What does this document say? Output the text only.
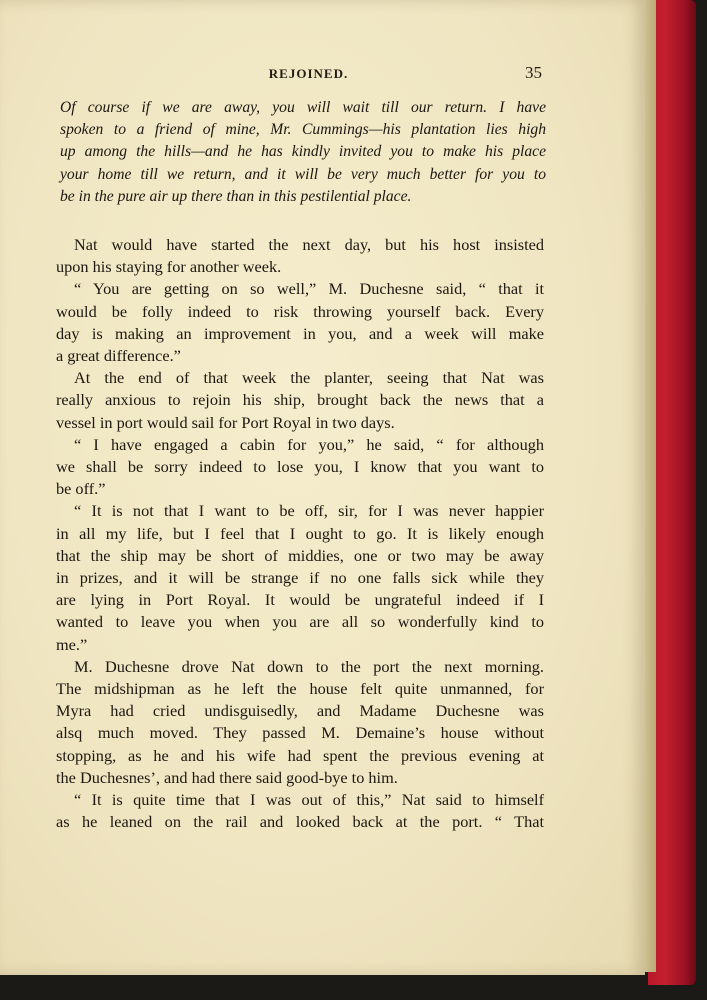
REJOINED.	35
Of course if we are away, you will wait till our return. I have
spoken to a friend of mine, Mr. Cummings—his plantation lies high
up among the hills—and he has kindly invited you to make his place
your home till we return, and it will be very much better for you to
be in the pure air up there than in this pestilential place.
Nat would have started the next day, but his host insisted
upon his staying for another week.
“ You are getting on so well,” M. Duchesne said, “ that it
would be folly indeed to risk throwing yourself back. Every
day is making an improvement in you, and a week will make
a great difference.”
At the end of that week the planter, seeing that Nat was
really anxious to rejoin his ship, brought back the news that a
vessel in port would sail for Port Royal in two days.
“ I have engaged a cabin for you,” he said, “ for although
we shall be sorry indeed to lose you, I know that you want to
be off.”
“ It is not that I want to be off, sir, for I was never happier
in all my life, but I feel that I ought to go. It is likely enough
that the ship may be short of middies, one or two may be away
in prizes, and it will be strange if no one falls sick while they
are lying in Port Royal. It would be ungrateful indeed if I
wanted to leave you when you are all so wonderfully kind to
me.”
M. Duchesne drove Nat down to the port the next morning.
The midshipman as he left the house felt quite unmanned, for
Myra had cried undisguisedly, and Madame Duchesne was
alsq much moved. They passed M. Demaine’s house without
stopping, as he and his wife had spent the previous evening at
the Duchesnes’, and had there said good-bye to him.
“ It is quite time that I was out of this,” Nat said to himself
as he leaned on the rail and looked back at the port. “ That
